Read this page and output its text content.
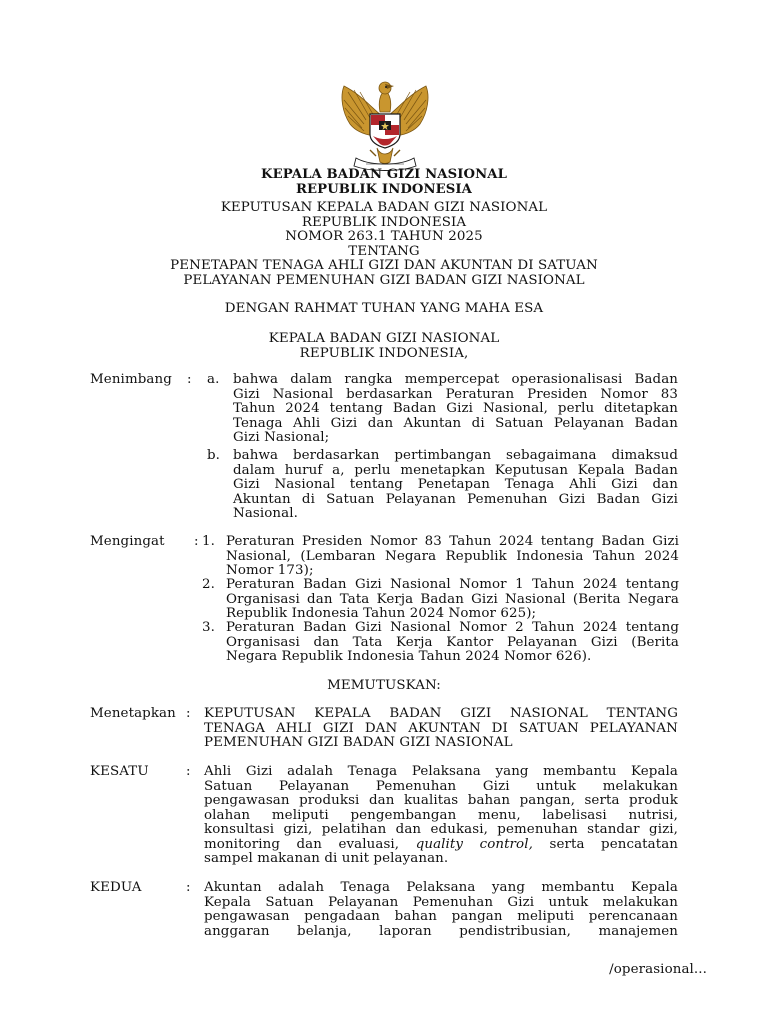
KEPALA BADAN GIZI NASIONAL
REPUBLIK INDONESIA
KEPUTUSAN KEPALA BADAN GIZI NASIONAL
REPUBLIK INDONESIA
NOMOR 263.1 TAHUN 2025
TENTANG
PENETAPAN TENAGA AHLI GIZI DAN AKUNTAN DI SATUAN
PELAYANAN PEMENUHAN GIZI BADAN GIZI NASIONAL
DENGAN RAHMAT TUHAN YANG MAHA ESA
KEPALA BADAN GIZI NASIONAL
REPUBLIK INDONESIA,
Menimbang : a. bahwa dalam rangka mempercepat operasionalisasi Badan
Gizi Nasional berdasarkan Peraturan Presiden Nomor 83
Tahun 2024 tentang Badan Gizi Nasional, perlu ditetapkan
Tenaga Ahli Gizi dan Akuntan di Satuan Pelayanan Badan
Gizi Nasional;
b. bahwa berdasarkan pertimbangan sebagaimana dimaksud
dalam huruf a, perlu menetapkan Keputusan Kepala Badan
Gizi Nasional tentang Penetapan Tenaga Ahli Gizi dan
Akuntan di Satuan Pelayanan Pemenuhan Gizi Badan Gizi
Nasional.
Mengingat : 1. Peraturan Presiden Nomor 83 Tahun 2024 tentang Badan Gizi
Nasional, (Lembaran Negara Republik Indonesia Tahun 2024
Nomor 173);
2. Peraturan Badan Gizi Nasional Nomor 1 Tahun 2024 tentang
Organisasi dan Tata Kerja Badan Gizi Nasional (Berita Negara
Republik Indonesia Tahun 2024 Nomor 625);
3. Peraturan Badan Gizi Nasional Nomor 2 Tahun 2024 tentang
Organisasi dan Tata Kerja Kantor Pelayanan Gizi (Berita
Negara Republik Indonesia Tahun 2024 Nomor 626).
MEMUTUSKAN:
Menetapkan : KEPUTUSAN KEPALA BADAN GIZI NASIONAL TENTANG
TENAGA AHLI GIZI DAN AKUNTAN DI SATUAN PELAYANAN
PEMENUHAN GIZI BADAN GIZI NASIONAL
KESATU	: Ahli Gizi adalah Tenaga Pelaksana yang membantu Kepala
Satuan Pelayanan Pemenuhan Gizi untuk melakukan
pengawasan produksi dan kualitas bahan pangan, serta produk
olahan meliputi pengembangan menu, labelisasi nutrisi,
konsultasi gizi, pelatihan dan edukasi, pemenuhan standar gizi,
monitoring dan evaluasi, quality control, serta pencatatan
sampel makanan di unit pelayanan.
KEDUA	: Akuntan adalah Tenaga Pelaksana yang membantu Kepala
Kepala Satuan Pelayanan Pemenuhan Gizi untuk melakukan
pengawasan pengadaan bahan pangan meliputi perencanaan
anggaran belanja, laporan pendistribusian, manajemen
/operasional...
